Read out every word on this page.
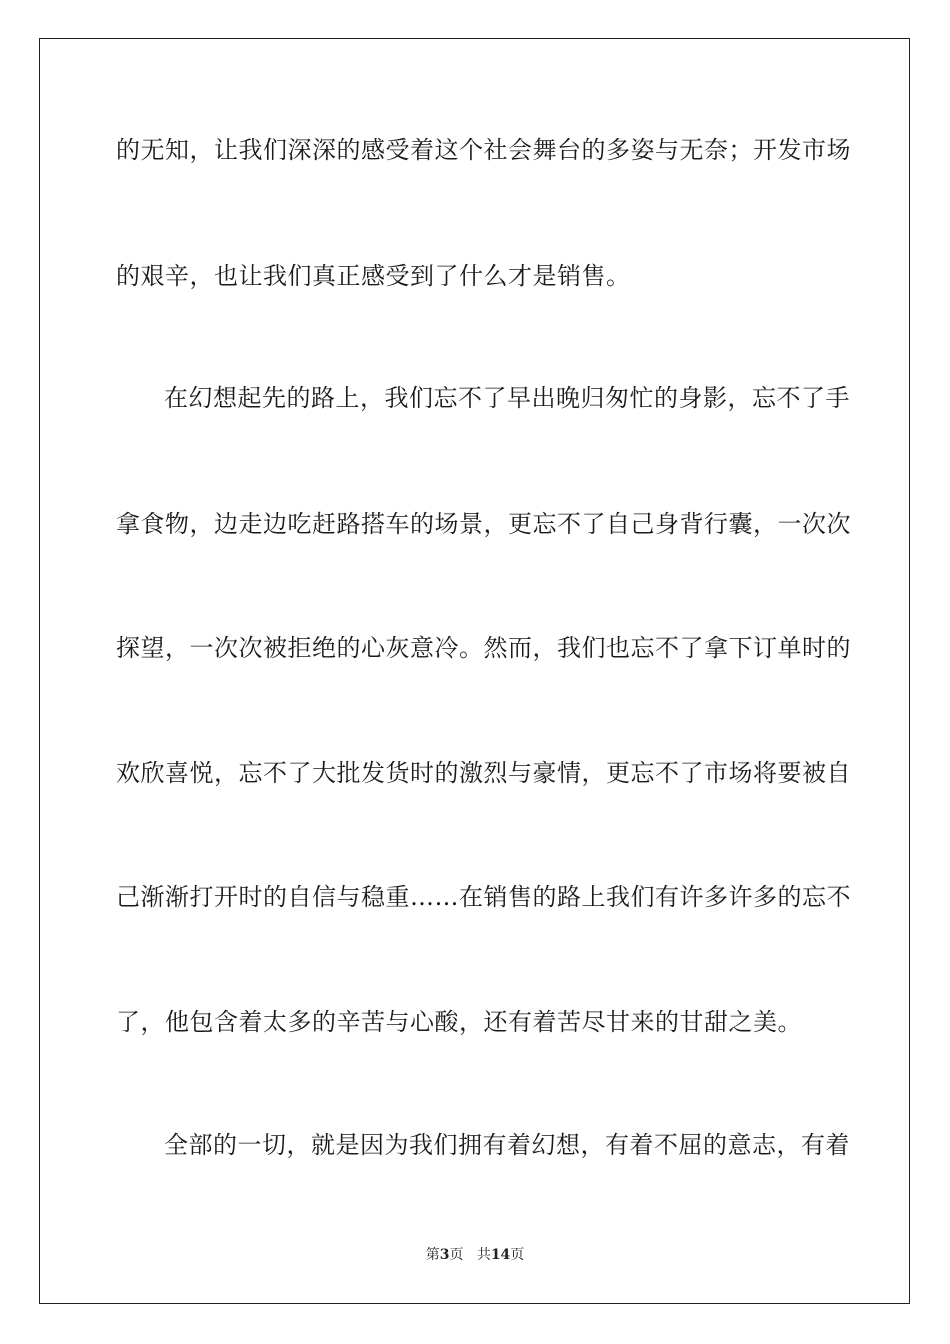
的无知，让我们深深的感受着这个社会舞台的多姿与无奈；开发市场
的艰辛，也让我们真正感受到了什么才是销售。
在幻想起先的路上，我们忘不了早出晚归匆忙的身影，忘不了手
拿食物，边走边吃赶路搭车的场景，更忘不了自己身背行囊，一次次
探望，一次次被拒绝的心灰意冷。然而，我们也忘不了拿下订单时的
欢欣喜悦，忘不了大批发货时的激烈与豪情，更忘不了市场将要被自
己渐渐打开时的自信与稳重……在销售的路上我们有许多许多的忘不
了，他包含着太多的辛苦与心酸，还有着苦尽甘来的甘甜之美。
全部的一切，就是因为我们拥有着幻想，有着不屈的意志，有着
第3页 共14页
